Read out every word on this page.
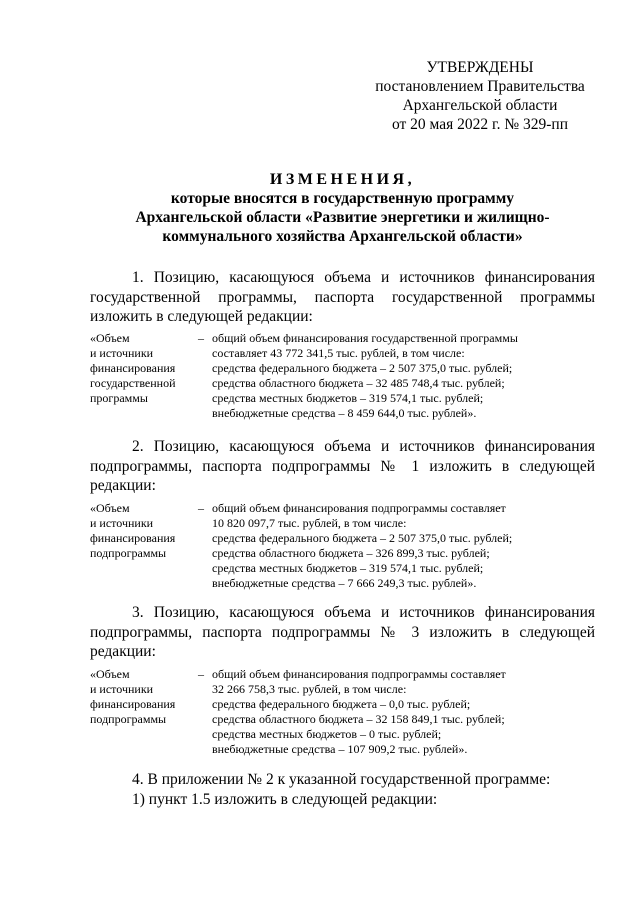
УТВЕРЖДЕНЫ
постановлением Правительства
Архангельской области
от 20 мая 2022 г. № 329-пп
ИЗМЕНЕНИЯ,
которые вносятся в государственную программу
Архангельской области «Развитие энергетики и жилищно-
коммунального хозяйства Архангельской области»
1. Позицию, касающуюся объема и источников финансирования
государственной программы, паспорта государственной программы
изложить в следующей редакции:
«Объем
и источники
финансирования
государственной
программы
– общий объем финансирования государственной программы
составляет 43 772 341,5 тыс. рублей, в том числе:
средства федерального бюджета – 2 507 375,0 тыс. рублей;
средства областного бюджета – 32 485 748,4 тыс. рублей;
средства местных бюджетов – 319 574,1 тыс. рублей;
внебюджетные средства – 8 459 644,0 тыс. рублей».
2. Позицию, касающуюся объема и источников финансирования
подпрограммы, паспорта подпрограммы № 1 изложить в следующей
редакции:
«Объем
и источники
финансирования
подпрограммы
– общий объем финансирования подпрограммы составляет
10 820 097,7 тыс. рублей, в том числе:
средства федерального бюджета – 2 507 375,0 тыс. рублей;
средства областного бюджета – 326 899,3 тыс. рублей;
средства местных бюджетов – 319 574,1 тыс. рублей;
внебюджетные средства – 7 666 249,3 тыс. рублей».
3. Позицию, касающуюся объема и источников финансирования
подпрограммы, паспорта подпрограммы № 3 изложить в следующей
редакции:
«Объем
и источники
финансирования
подпрограммы
– общий объем финансирования подпрограммы составляет
32 266 758,3 тыс. рублей, в том числе:
средства федерального бюджета – 0,0 тыс. рублей;
средства областного бюджета – 32 158 849,1 тыс. рублей;
средства местных бюджетов – 0 тыс. рублей;
внебюджетные средства – 107 909,2 тыс. рублей».
4. В приложении № 2 к указанной государственной программе:
1) пункт 1.5 изложить в следующей редакции:
